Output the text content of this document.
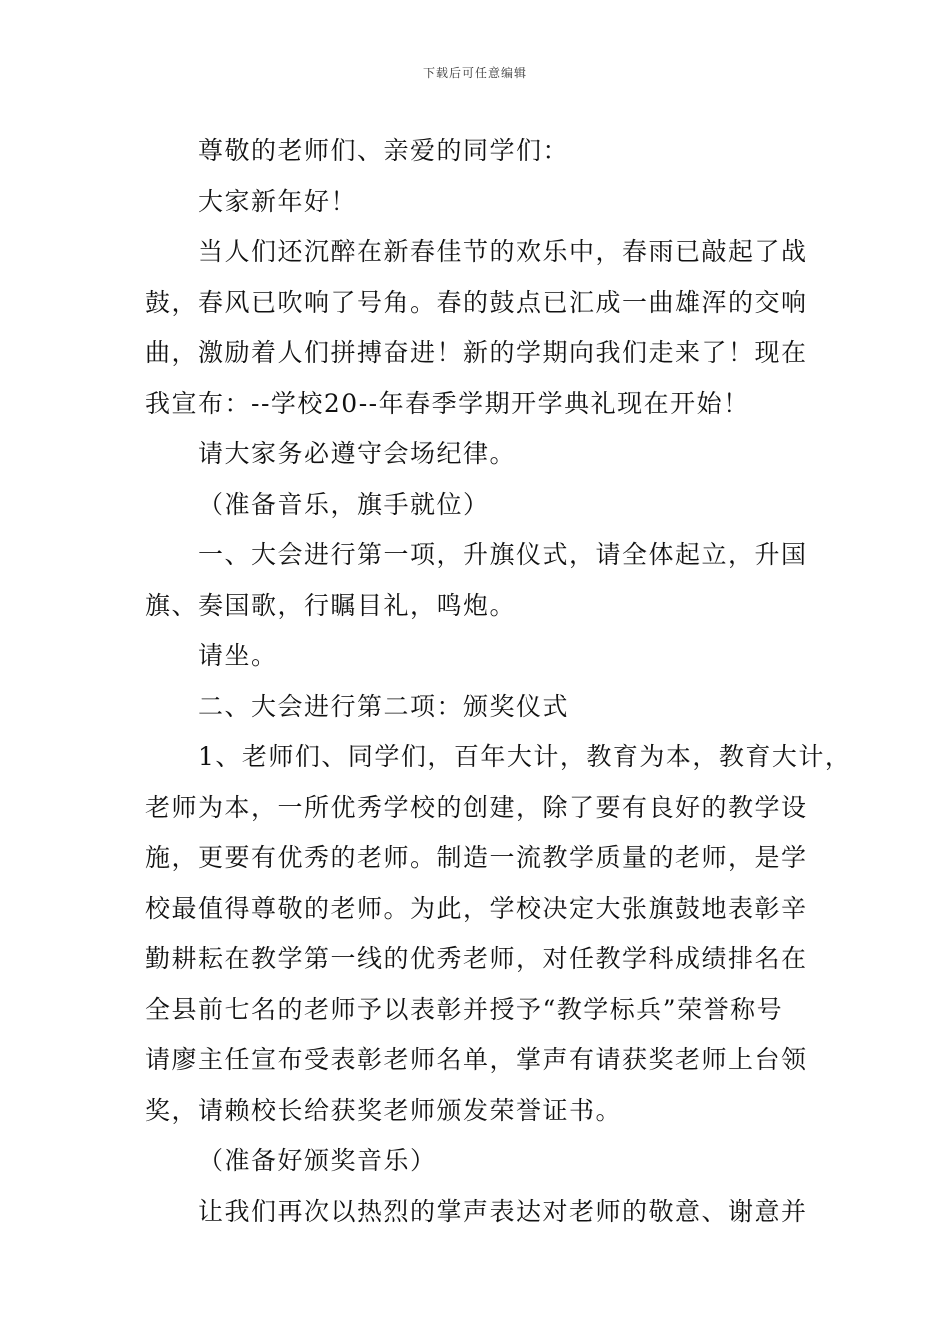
下载后可任意编辑

尊敬的老师们、亲爱的同学们：

大家新年好！

当人们还沉醉在新春佳节的欢乐中，春雨已敲起了战
鼓，春风已吹响了号角。春的鼓点已汇成一曲雄浑的交响
曲，激励着人们拼搏奋进！新的学期向我们走来了！现在
我宣布：--学校20--年春季学期开学典礼现在开始！

请大家务必遵守会场纪律。

（准备音乐，旗手就位）

一、大会进行第一项，升旗仪式，请全体起立，升国
旗、奏国歌，行瞩目礼，鸣炮。

请坐。

二、大会进行第二项：颁奖仪式

1、老师们、同学们，百年大计，教育为本，教育大计，
老师为本，一所优秀学校的创建，除了要有良好的教学设
施，更要有优秀的老师。制造一流教学质量的老师，是学
校最值得尊敬的老师。为此，学校决定大张旗鼓地表彰辛
勤耕耘在教学第一线的优秀老师，对任教学科成绩排名在
全县前七名的老师予以表彰并授予“教学标兵”荣誉称号
请廖主任宣布受表彰老师名单，掌声有请获奖老师上台领
奖，请赖校长给获奖老师颁发荣誉证书。

（准备好颁奖音乐）

让我们再次以热烈的掌声表达对老师的敬意、谢意并
